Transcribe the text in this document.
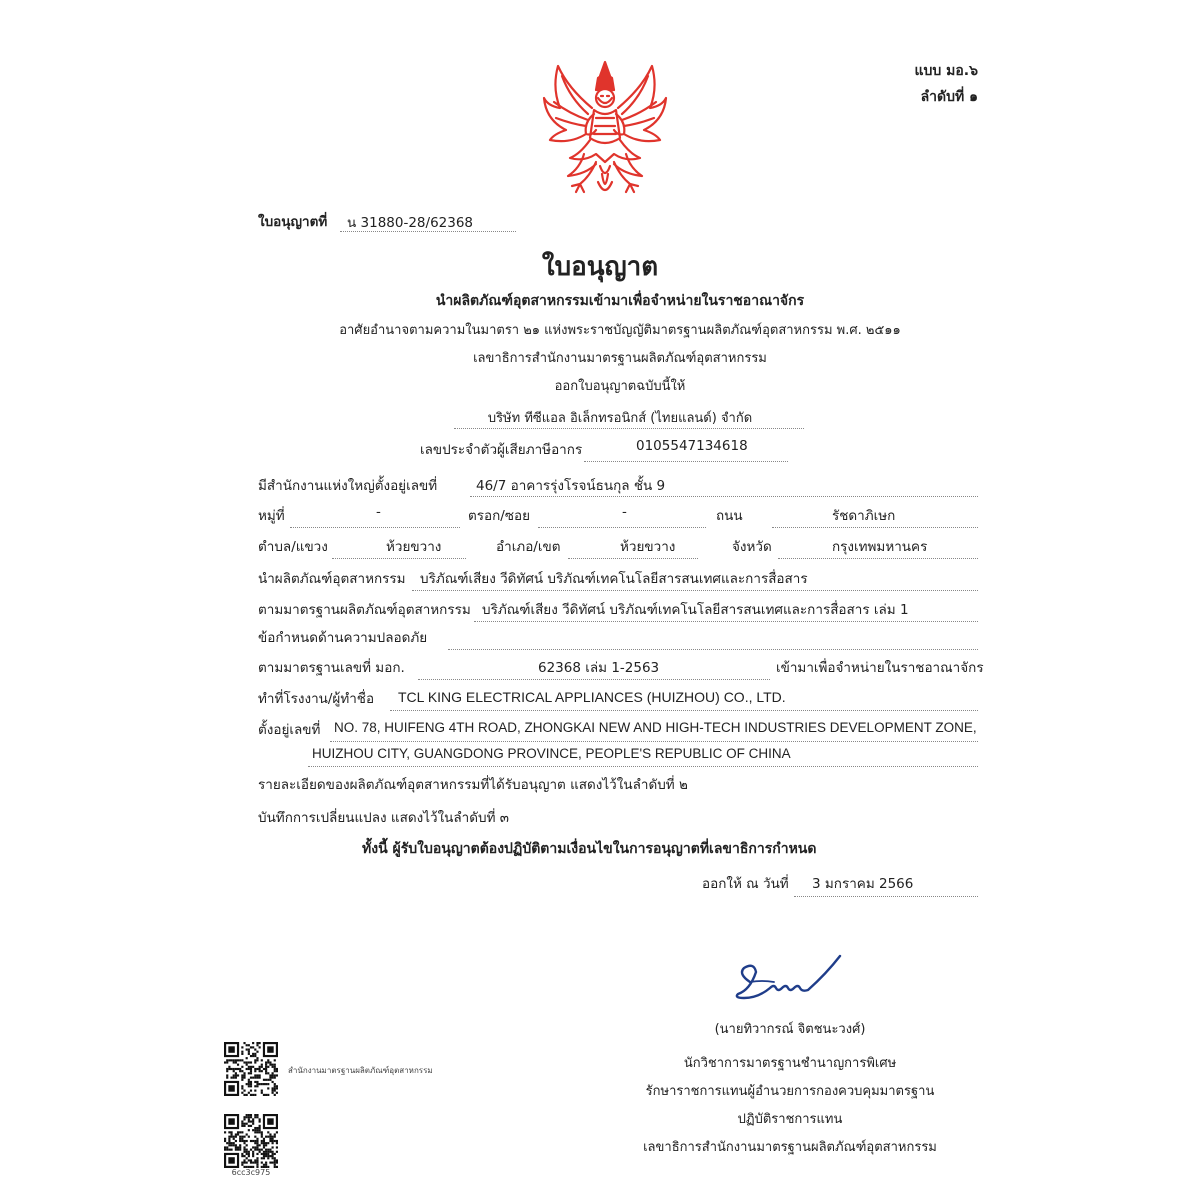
แบบ มอ.๖
ลำดับที่ ๑
ใบอนุญาตที่ น 31880-28/62368
ใบอนุญาต
นำผลิตภัณฑ์อุตสาหกรรมเข้ามาเพื่อจำหน่ายในราชอาณาจักร
อาศัยอำนาจตามความในมาตรา ๒๑ แห่งพระราชบัญญัติมาตรฐานผลิตภัณฑ์อุตสาหกรรม พ.ศ. ๒๕๑๑
เลขาธิการสำนักงานมาตรฐานผลิตภัณฑ์อุตสาหกรรม
ออกใบอนุญาตฉบับนี้ให้
บริษัท ทีซีแอล อิเล็กทรอนิกส์ (ไทยแลนด์) จำกัด
เลขประจำตัวผู้เสียภาษีอากร	0105547134618
มีสำนักงานแห่งใหญ่ตั้งอยู่เลขที่	46/7 อาคารรุ่งโรจน์ธนกุล ชั้น 9
หมู่ที่	-	ตรอก/ซอย	-	ถนน	รัชดาภิเษก
ตำบล/แขวง	ห้วยขวาง	อำเภอ/เขต	ห้วยขวาง	จังหวัด	กรุงเทพมหานคร
นำผลิตภัณฑ์อุตสาหกรรม บริภัณฑ์เสียง วีดิทัศน์ บริภัณฑ์เทคโนโลยีสารสนเทศและการสื่อสาร
ตามมาตรฐานผลิตภัณฑ์อุตสาหกรรม บริภัณฑ์เสียง วีดิทัศน์ บริภัณฑ์เทคโนโลยีสารสนเทศและการสื่อสาร เล่ม 1
ข้อกำหนดด้านความปลอดภัย
ตามมาตรฐานเลขที่ มอก.	62368 เล่ม 1-2563	เข้ามาเพื่อจำหน่ายในราชอาณาจักร
ทำที่โรงงาน/ผู้ทำชื่อ TCL KING ELECTRICAL APPLIANCES (HUIZHOU) CO., LTD.
ตั้งอยู่เลขที่ NO. 78, HUIFENG 4TH ROAD, ZHONGKAI NEW AND HIGH-TECH INDUSTRIES DEVELOPMENT ZONE,
HUIZHOU CITY, GUANGDONG PROVINCE, PEOPLE'S REPUBLIC OF CHINA
รายละเอียดของผลิตภัณฑ์อุตสาหกรรมที่ได้รับอนุญาต แสดงไว้ในลำดับที่ ๒
บันทึกการเปลี่ยนแปลง แสดงไว้ในลำดับที่ ๓
ทั้งนี้ ผู้รับใบอนุญาตต้องปฏิบัติตามเงื่อนไขในการอนุญาตที่เลขาธิการกำหนด
ออกให้ ณ วันที่ 3 มกราคม 2566
(นายทิวากรณ์ จิตชนะวงศ์)
นักวิชาการมาตรฐานชำนาญการพิเศษ
รักษาราชการแทนผู้อำนวยการกองควบคุมมาตรฐาน
ปฏิบัติราชการแทน
เลขาธิการสำนักงานมาตรฐานผลิตภัณฑ์อุตสาหกรรม
สำนักงานมาตรฐานผลิตภัณฑ์อุตสาหกรรม
6cc3c975
